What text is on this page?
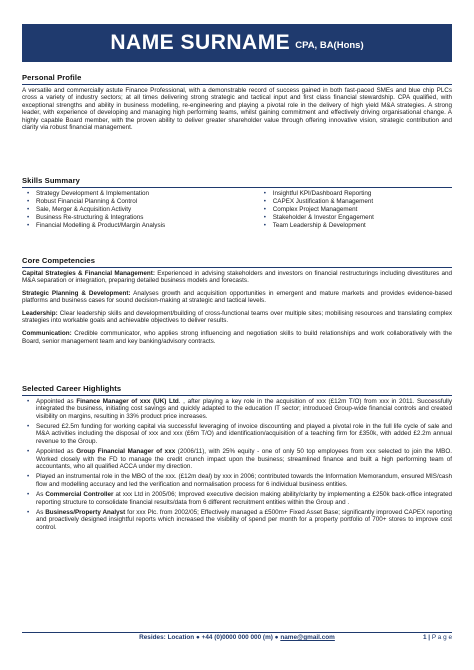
NAME SURNAME CPA, BA(Hons)
Personal Profile
A versatile and commercially astute Finance Professional, with a demonstrable record of success gained in both fast-paced SMEs and blue chip PLCs cross a variety of industry sectors; at all times delivering strong strategic and tactical input and first class financial stewardship. CPA qualified, with exceptional strengths and ability in business modelling, re-engineering and playing a pivotal role in the delivery of high yield M&A strategies. A strong leader, with experience of developing and managing high performing teams, whilst gaining commitment and effectively driving organisational change. A highly capable Board member, with the proven ability to deliver greater shareholder value through offering innovative vision, strategic contribution and clarity via robust financial management.
Skills Summary
• Strategy Development & Implementation
• Robust Financial Planning & Control
• Sale, Merger & Acquisition Activity
• Business Re-structuring & Integrations
• Financial Modelling & Product/Margin Analysis
• Insightful KPI/Dashboard Reporting
• CAPEX Justification & Management
• Complex Project Management
• Stakeholder & Investor Engagement
• Team Leadership & Development
Core Competencies
Capital Strategies & Financial Management: Experienced in advising stakeholders and investors on financial restructurings including divestitures and M&A separation or integration, preparing detailed business models and forecasts.
Strategic Planning & Development: Analyses growth and acquisition opportunities in emergent and mature markets and provides evidence-based platforms and business cases for sound decision-making at strategic and tactical levels.
Leadership: Clear leadership skills and development/building of cross-functional teams over multiple sites; mobilising resources and translating complex strategies into workable goals and achievable objectives to deliver results.
Communication: Credible communicator, who applies strong influencing and negotiation skills to build relationships and work collaboratively with the Board, senior management team and key banking/advisory contracts.
Selected Career Highlights
• Appointed as Finance Manager of xxx (UK) Ltd. , after playing a key role in the acquisition of xxx (£12m T/O) from xxx in 2011. Successfully integrated the business, initiating cost savings and quickly adapted to the education IT sector; introduced Group-wide financial controls and created visibility on margins, resulting in 33% product price increases.
• Secured £2.5m funding for working capital via successful leveraging of invoice discounting and played a pivotal role in the full life cycle of sale and M&A activities including the disposal of xxx and xxx (£6m T/O) and identification/acquisition of a teaching firm for £350k, with added £2.2m annual revenue to the Group.
• Appointed as Group Financial Manager of xxx (2006/11), with 25% equity - one of only 50 top employees from xxx selected to join the MBO. Worked closely with the FD to manage the credit crunch impact upon the business; streamlined finance and built a high performing team of accountants, who all qualified ACCA under my direction.
• Played an instrumental role in the MBO of the xxx. (£12m deal) by xxx in 2006; contributed towards the Information Memorandum, ensured MIS/cash flow and modelling accuracy and led the verification and normalisation process for 6 individual business entities.
• As Commercial Controller at xxx Ltd in 2005/06; Improved executive decision making ability/clarity by implementing a £250k back-office integrated reporting structure to consolidate financial results/data from 6 different recruitment entities within the Group and .
• As Business/Property Analyst for xxx Plc. from 2002/05; Effectively managed a £500m+ Fixed Asset Base; significantly improved CAPEX reporting and proactively designed insightful reports which increased the visibility of spend per month for a property portfolio of 700+ stores to improve cost control.
Resides: Location ● +44 (0)0000 000 000 (m) ● name@gmail.com	1 | P a g e
